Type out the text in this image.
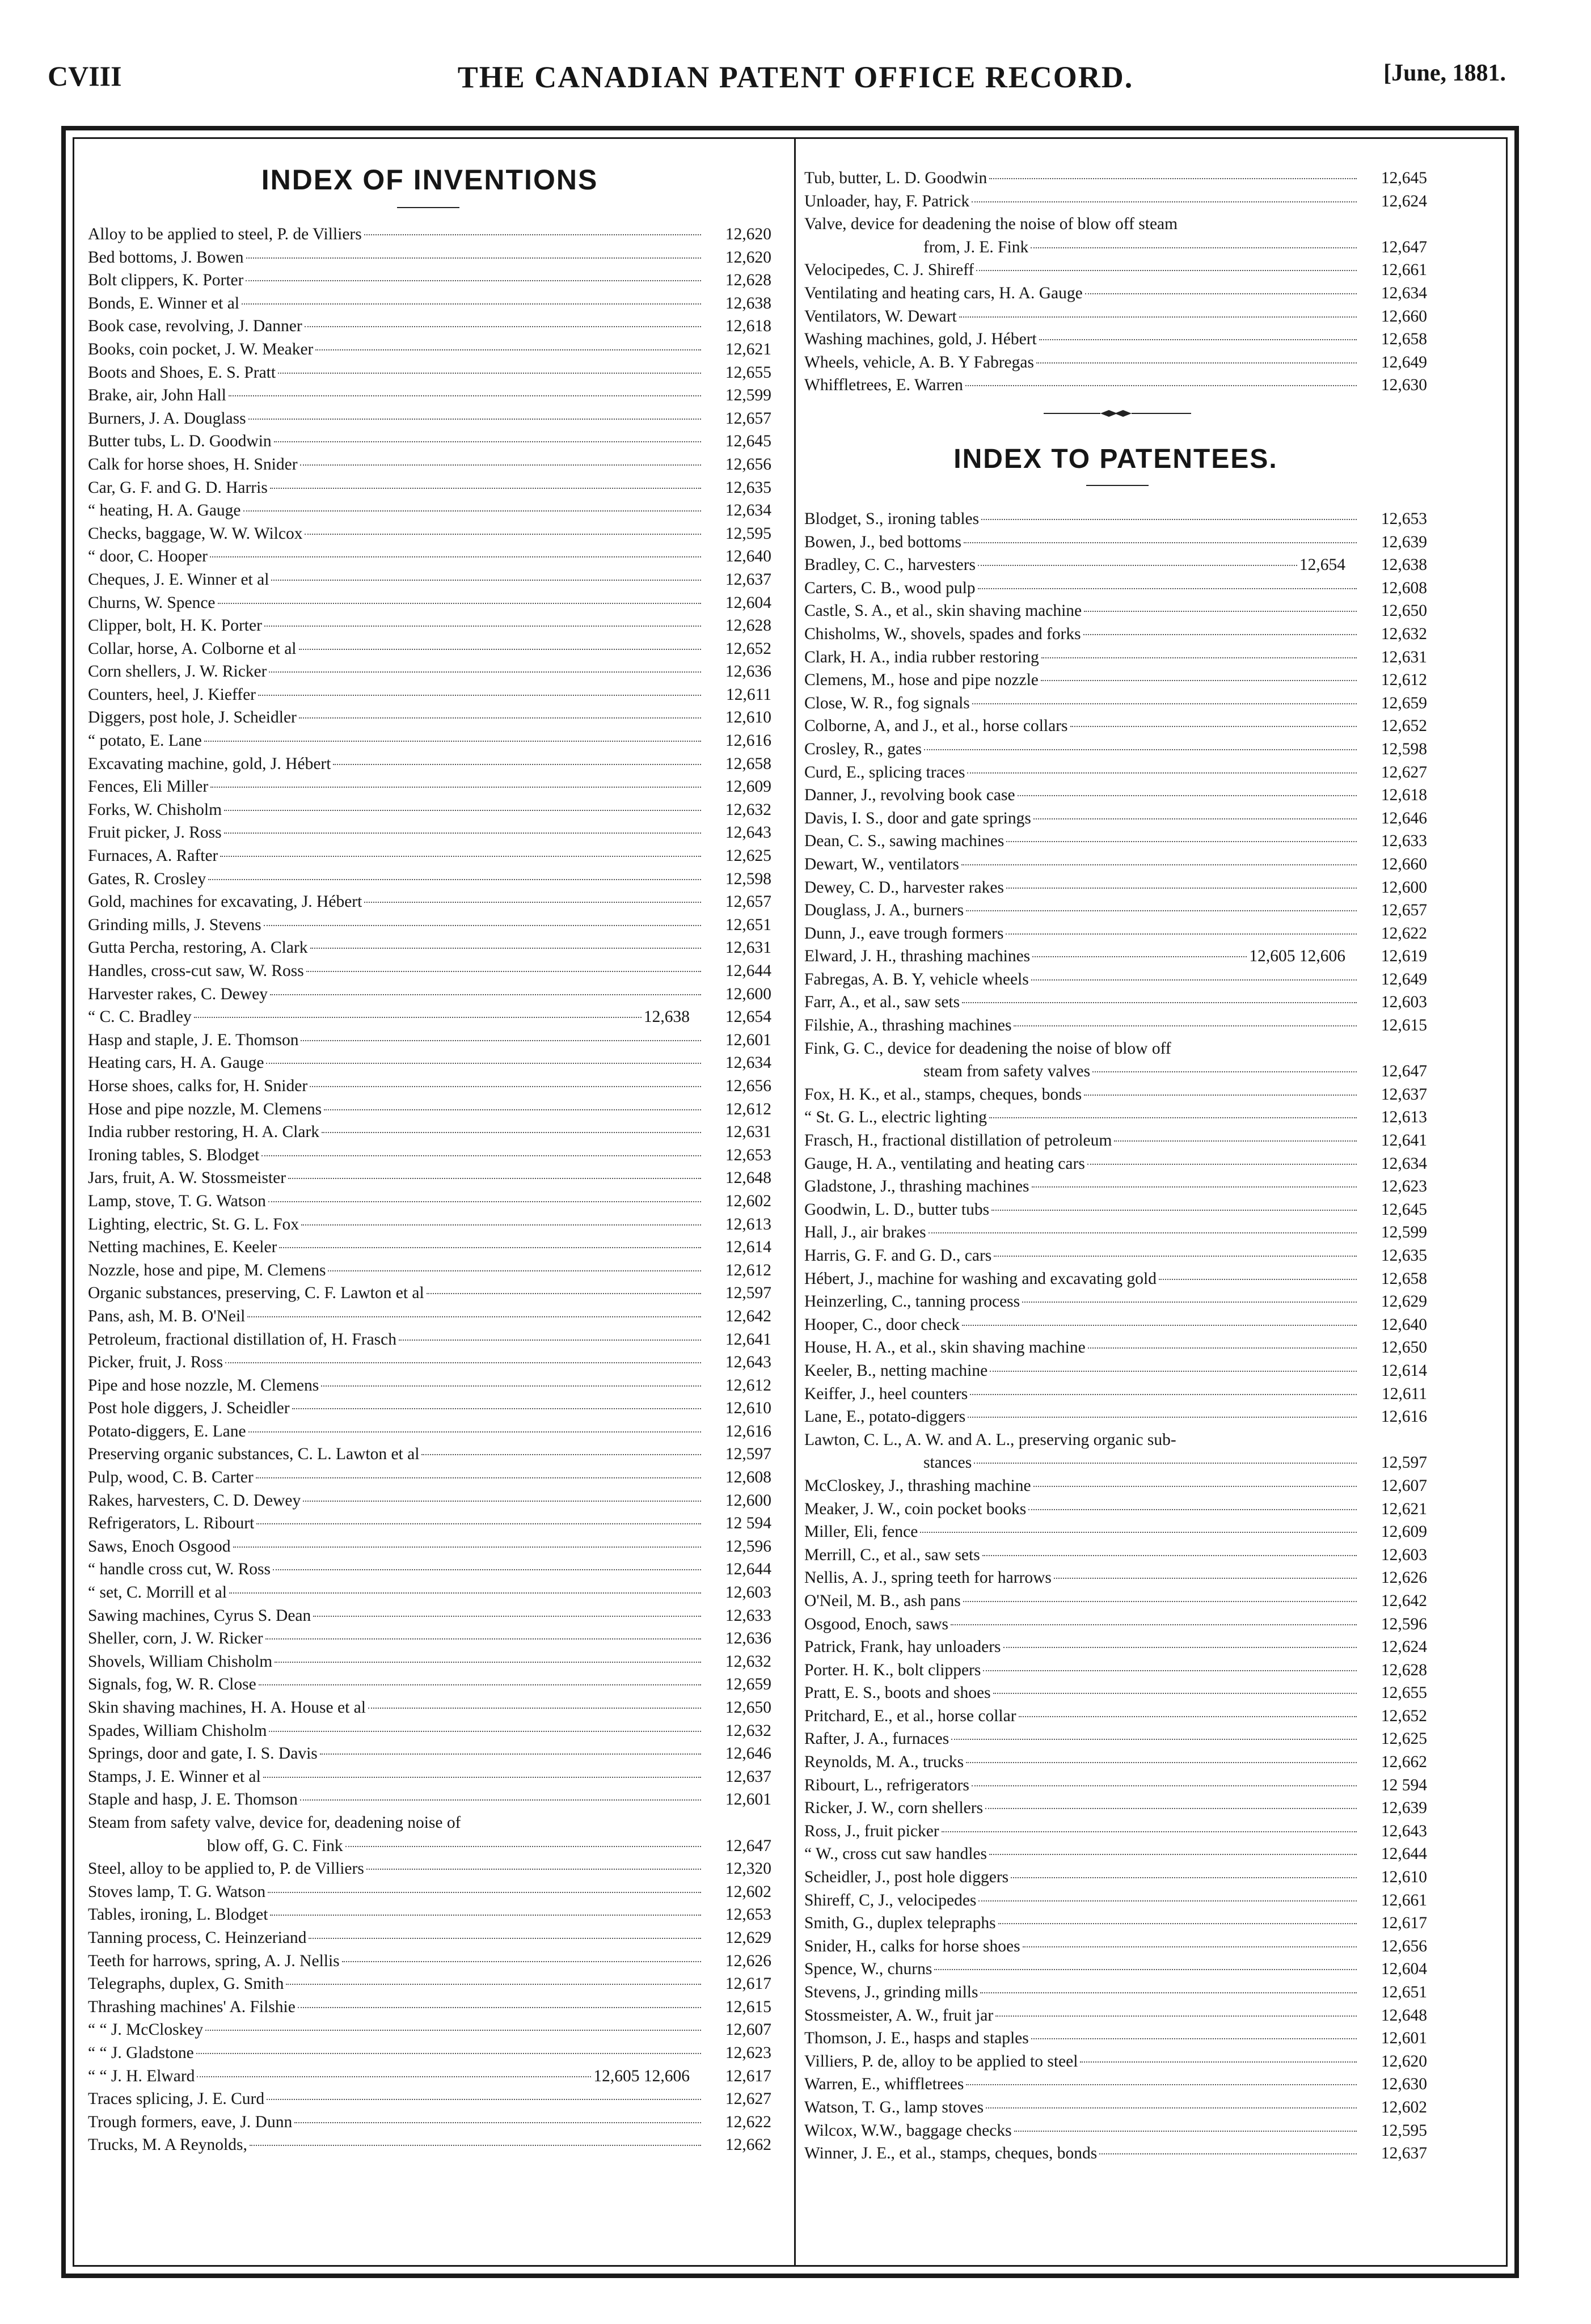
CVIII	THE CANADIAN PATENT OFFICE RECORD.	[June, 1881.
INDEX OF INVENTIONS
Alloy to be applied to steel, P. de Villiers	12,620
Bed bottoms, J. Bowen	12,620
Bolt clippers, K. Porter	12,628
Bonds, E. Winner et al	12,638
Book case, revolving, J. Danner	12,618
Books, coin pocket, J. W. Meaker	12,621
Boots and Shoes, E. S. Pratt	12,655
Brake, air, John Hall	12,599
Burners, J. A. Douglass	12,657
Butter tubs, L. D. Goodwin	12,645
Calk for horse shoes, H. Snider	12,656
Car, G. F. and G. D. Harris	12,635
“ heating, H. A. Gauge	12,634
Checks, baggage, W. W. Wilcox	12,595
“ door, C. Hooper	12,640
Cheques, J. E. Winner et al	12,637
Churns, W. Spence	12,604
Clipper, bolt, H. K. Porter	12,628
Collar, horse, A. Colborne et al	12,652
Corn shellers, J. W. Ricker	12,636
Counters, heel, J. Kieffer	12,611
Diggers, post hole, J. Scheidler	12,610
“ potato, E. Lane	12,616
Excavating machine, gold, J. Hébert	12,658
Fences, Eli Miller	12,609
Forks, W. Chisholm	12,632
Fruit picker, J. Ross	12,643
Furnaces, A. Rafter	12,625
Gates, R. Crosley	12,598
Gold, machines for excavating, J. Hébert	12,657
Grinding mills, J. Stevens	12,651
Gutta Percha, restoring, A. Clark	12,631
Handles, cross-cut saw, W. Ross	12,644
Harvester rakes, C. Dewey	12,600
“ C. C. Bradley	12,638	12,654
Hasp and staple, J. E. Thomson	12,601
Heating cars, H. A. Gauge	12,634
Horse shoes, calks for, H. Snider	12,656
Hose and pipe nozzle, M. Clemens	12,612
India rubber restoring, H. A. Clark	12,631
Ironing tables, S. Blodget	12,653
Jars, fruit, A. W. Stossmeister	12,648
Lamp, stove, T. G. Watson	12,602
Lighting, electric, St. G. L. Fox	12,613
Netting machines, E. Keeler	12,614
Nozzle, hose and pipe, M. Clemens	12,612
Organic substances, preserving, C. F. Lawton et al	12,597
Pans, ash, M. B. O'Neil	12,642
Petroleum, fractional distillation of, H. Frasch	12,641
Picker, fruit, J. Ross	12,643
Pipe and hose nozzle, M. Clemens	12,612
Post hole diggers, J. Scheidler	12,610
Potato-diggers, E. Lane	12,616
Preserving organic substances, C. L. Lawton et al	12,597
Pulp, wood, C. B. Carter	12,608
Rakes, harvesters, C. D. Dewey	12,600
Refrigerators, L. Ribourt	12 594
Saws, Enoch Osgood	12,596
“ handle cross cut, W. Ross	12,644
“ set, C. Morrill et al	12,603
Sawing machines, Cyrus S. Dean	12,633
Sheller, corn, J. W. Ricker	12,636
Shovels, William Chisholm	12,632
Signals, fog, W. R. Close	12,659
Skin shaving machines, H. A. House et al	12,650
Spades, William Chisholm	12,632
Springs, door and gate, I. S. Davis	12,646
Stamps, J. E. Winner et al	12,637
Staple and hasp, J. E. Thomson	12,601
Steam from safety valve, device for, deadening noise of
blow off, G. C. Fink	12,647
Steel, alloy to be applied to, P. de Villiers	12,320
Stoves lamp, T. G. Watson	12,602
Tables, ironing, L. Blodget	12,653
Tanning process, C. Heinzeriand	12,629
Teeth for harrows, spring, A. J. Nellis	12,626
Telegraphs, duplex, G. Smith	12,617
Thrashing machines' A. Filshie	12,615
“ “ J. McCloskey	12,607
“ “ J. Gladstone	12,623
“ “ J. H. Elward	12,605 12,606	12,617
Traces splicing, J. E. Curd	12,627
Trough formers, eave, J. Dunn	12,622
Trucks, M. A Reynolds,	12,662
Tub, butter, L. D. Goodwin	12,645
Unloader, hay, F. Patrick	12,624
Valve, device for deadening the noise of blow off steam
from, J. E. Fink	12,647
Velocipedes, C. J. Shireff	12,661
Ventilating and heating cars, H. A. Gauge	12,634
Ventilators, W. Dewart	12,660
Washing machines, gold, J. Hébert	12,658
Wheels, vehicle, A. B. Y Fabregas	12,649
Whiffletrees, E. Warren	12,630
INDEX TO PATENTEES.
Blodget, S., ironing tables	12,653
Bowen, J., bed bottoms	12,639
Bradley, C. C., harvesters	12,654	12,638
Carters, C. B., wood pulp	12,608
Castle, S. A., et al., skin shaving machine	12,650
Chisholms, W., shovels, spades and forks	12,632
Clark, H. A., india rubber restoring	12,631
Clemens, M., hose and pipe nozzle	12,612
Close, W. R., fog signals	12,659
Colborne, A, and J., et al., horse collars	12,652
Crosley, R., gates	12,598
Curd, E., splicing traces	12,627
Danner, J., revolving book case	12,618
Davis, I. S., door and gate springs	12,646
Dean, C. S., sawing machines	12,633
Dewart, W., ventilators	12,660
Dewey, C. D., harvester rakes	12,600
Douglass, J. A., burners	12,657
Dunn, J., eave trough formers	12,622
Elward, J. H., thrashing machines	12,605 12,606	12,619
Fabregas, A. B. Y, vehicle wheels	12,649
Farr, A., et al., saw sets	12,603
Filshie, A., thrashing machines	12,615
Fink, G. C., device for deadening the noise of blow off
steam from safety valves	12,647
Fox, H. K., et al., stamps, cheques, bonds	12,637
“ St. G. L., electric lighting	12,613
Frasch, H., fractional distillation of petroleum	12,641
Gauge, H. A., ventilating and heating cars	12,634
Gladstone, J., thrashing machines	12,623
Goodwin, L. D., butter tubs	12,645
Hall, J., air brakes	12,599
Harris, G. F. and G. D., cars	12,635
Hébert, J., machine for washing and excavating gold	12,658
Heinzerling, C., tanning process	12,629
Hooper, C., door check	12,640
House, H. A., et al., skin shaving machine	12,650
Keeler, B., netting machine	12,614
Keiffer, J., heel counters	12,611
Lane, E., potato-diggers	12,616
Lawton, C. L., A. W. and A. L., preserving organic sub-
stances	12,597
McCloskey, J., thrashing machine	12,607
Meaker, J. W., coin pocket books	12,621
Miller, Eli, fence	12,609
Merrill, C., et al., saw sets	12,603
Nellis, A. J., spring teeth for harrows	12,626
O'Neil, M. B., ash pans	12,642
Osgood, Enoch, saws	12,596
Patrick, Frank, hay unloaders	12,624
Porter. H. K., bolt clippers	12,628
Pratt, E. S., boots and shoes	12,655
Pritchard, E., et al., horse collar	12,652
Rafter, J. A., furnaces	12,625
Reynolds, M. A., trucks	12,662
Ribourt, L., refrigerators	12 594
Ricker, J. W., corn shellers	12,639
Ross, J., fruit picker	12,643
“ W., cross cut saw handles	12,644
Scheidler, J., post hole diggers	12,610
Shireff, C, J., velocipedes	12,661
Smith, G., duplex telepraphs	12,617
Snider, H., calks for horse shoes	12,656
Spence, W., churns	12,604
Stevens, J., grinding mills	12,651
Stossmeister, A. W., fruit jar	12,648
Thomson, J. E., hasps and staples	12,601
Villiers, P. de, alloy to be applied to steel	12,620
Warren, E., whiffletrees	12,630
Watson, T. G., lamp stoves	12,602
Wilcox, W.W., baggage checks	12,595
Winner, J. E., et al., stamps, cheques, bonds	12,637
